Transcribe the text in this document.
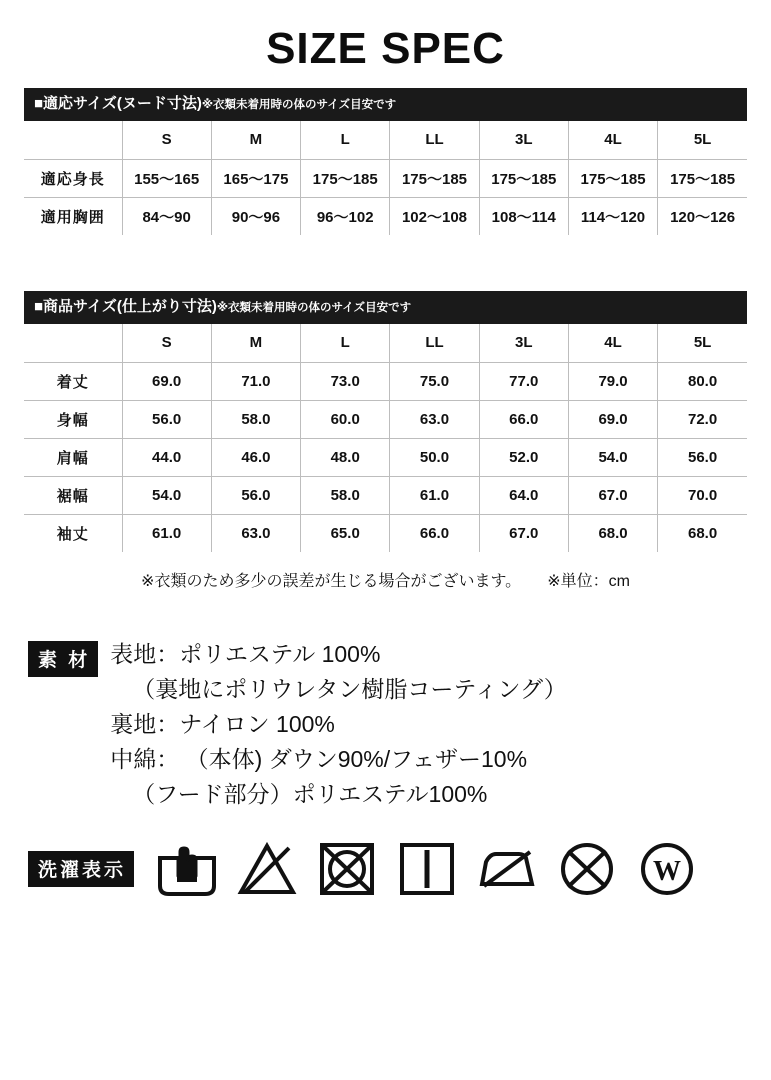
SIZE SPEC
■適応サイズ(ヌード寸法)※衣類未着用時の体のサイズ目安です
	S	M	L	LL	3L	4L	5L
適応身長	155〜165	165〜175	175〜185	175〜185	175〜185	175〜185	175〜185
適用胸囲	84〜90	90〜96	96〜102	102〜108	108〜114	114〜120	120〜126
■商品サイズ(仕上がり寸法)※衣類未着用時の体のサイズ目安です
	S	M	L	LL	3L	4L	5L
着丈	69.0	71.0	73.0	75.0	77.0	79.0	80.0
身幅	56.0	58.0	60.0	63.0	66.0	69.0	72.0
肩幅	44.0	46.0	48.0	50.0	52.0	54.0	56.0
裾幅	54.0	56.0	58.0	61.0	64.0	67.0	70.0
袖丈	61.0	63.0	65.0	66.0	67.0	68.0	68.0
※衣類のため多少の誤差が生じる場合がございます。 ※単位：cm
素 材 表地：ポリエステル 100%
（裏地にポリウレタン樹脂コーティング）
裏地：ナイロン 100%
中綿： （本体) ダウン90%/フェザー10%
（フード部分）ポリエステル100%
洗濯表示	W
